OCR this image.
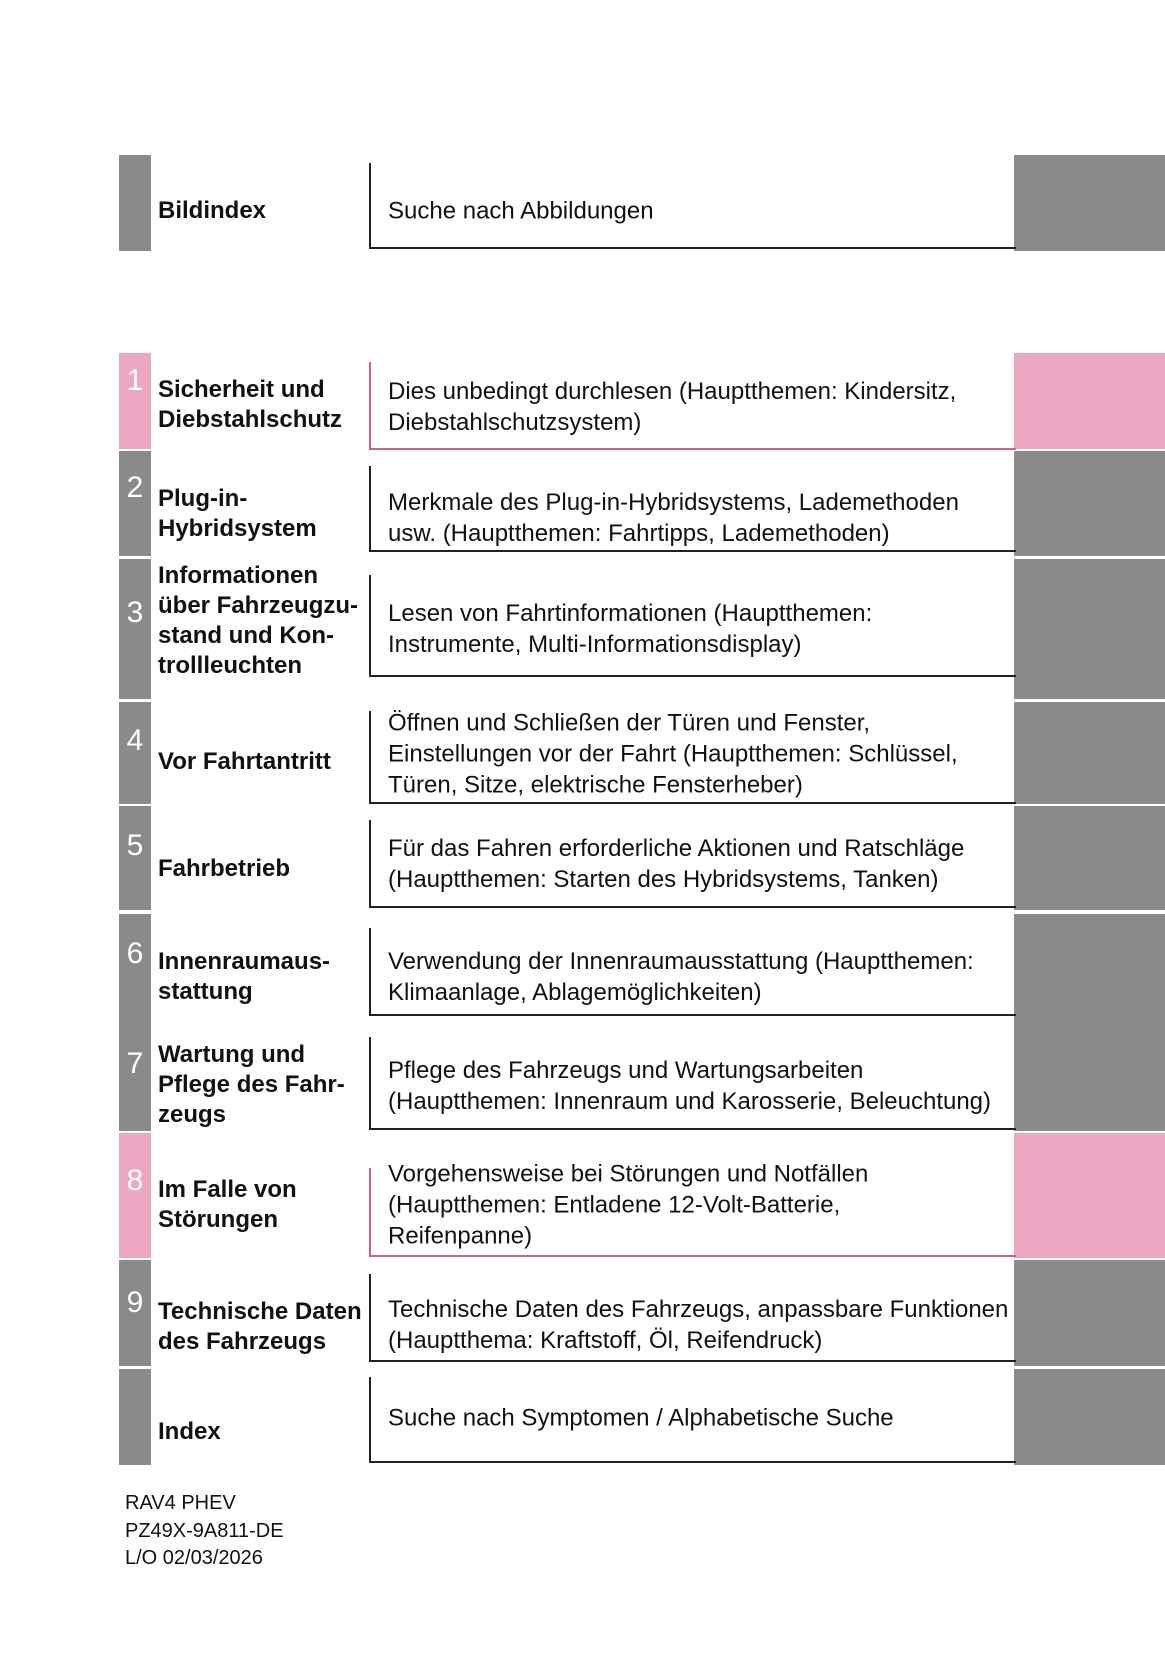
Bildindex	Suche nach Abbildungen
1 Sicherheit und
Diebstahlschutz
Dies unbedingt durchlesen (Hauptthemen: Kindersitz,
Diebstahlschutzsystem)
2 Plug-in-
Hybridsystem
Merkmale des Plug-in-Hybridsystems, Lademethoden
usw. (Hauptthemen: Fahrtipps, Lademethoden)
3
Informationen
über Fahrzeugzu-
stand und Kon-
trollleuchten
Lesen von Fahrtinformationen (Hauptthemen:
Instrumente, Multi-Informationsdisplay)
4
Vor Fahrtantritt
Öffnen und Schließen der Türen und Fenster,
Einstellungen vor der Fahrt (Hauptthemen: Schlüssel,
Türen, Sitze, elektrische Fensterheber)
5
Fahrbetrieb
Für das Fahren erforderliche Aktionen und Ratschläge
(Hauptthemen: Starten des Hybridsystems, Tanken)
6 Innenraumaus-
stattung
Verwendung der Innenraumausstattung (Hauptthemen:
Klimaanlage, Ablagemöglichkeiten)
7 Wartung und
Pflege des Fahr-
zeugs
Pflege des Fahrzeugs und Wartungsarbeiten
(Hauptthemen: Innenraum und Karosserie, Beleuchtung)
8 Im Falle von
Störungen
Vorgehensweise bei Störungen und Notfällen
(Hauptthemen: Entladene 12-Volt-Batterie,
Reifenpanne)
9 Technische Daten
des Fahrzeugs
Technische Daten des Fahrzeugs, anpassbare Funktionen
(Hauptthema: Kraftstoff, Öl, Reifendruck)
Index	Suche nach Symptomen / Alphabetische Suche
RAV4 PHEV
PZ49X-9A811-DE
L/O 02/03/2026
